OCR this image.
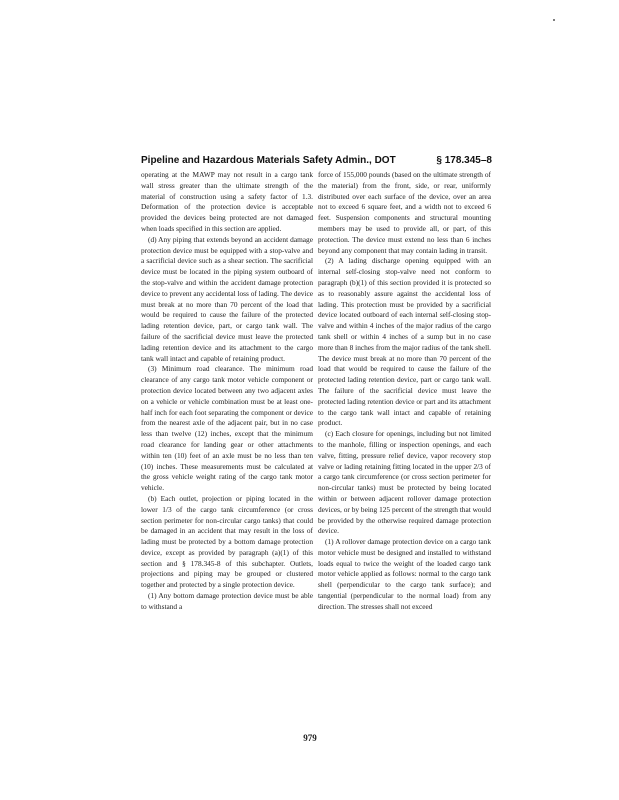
Pipeline and Hazardous Materials Safety Admin., DOT	§ 178.345–8

operating at the MAWP may not result in a cargo tank wall stress greater than the ultimate strength of the material of construction using a safety factor of 1.3. Deformation of the protection device is acceptable provided the devices being protected are not damaged when loads specified in this section are applied.

(d) Any piping that extends beyond an accident damage protection device must be equipped with a stop-valve and a sacrificial device such as a shear section. The sacrificial device must be located in the piping system outboard of the stop-valve and within the accident damage protection device to prevent any accidental loss of lading. The device must break at no more than 70 percent of the load that would be required to cause the failure of the protected lading retention device, part, or cargo tank wall. The failure of the sacrificial device must leave the protected lading retention device and its attachment to the cargo tank wall intact and capable of retaining product.

(3) Minimum road clearance. The minimum road clearance of any cargo tank motor vehicle component or protection device located between any two adjacent axles on a vehicle or vehicle combination must be at least one-half inch for each foot separating the component or device from the nearest axle of the adjacent pair, but in no case less than twelve (12) inches, except that the minimum road clearance for landing gear or other attachments within ten (10) feet of an axle must be no less than ten (10) inches. These measurements must be calculated at the gross vehicle weight rating of the cargo tank motor vehicle.

(b) Each outlet, projection or piping located in the lower 1/3 of the cargo tank circumference (or cross section perimeter for non-circular cargo tanks) that could be damaged in an accident that may result in the loss of lading must be protected by a bottom damage protection device, except as provided by paragraph (a)(1) of this section and § 178.345-8 of this subchapter. Outlets, projections and piping may be grouped or clustered together and protected by a single protection device.

(1) Any bottom damage protection device must be able to withstand a

force of 155,000 pounds (based on the ultimate strength of the material) from the front, side, or rear, uniformly distributed over each surface of the device, over an area not to exceed 6 square feet, and a width not to exceed 6 feet. Suspension components and structural mounting members may be used to provide all, or part, of this protection. The device must extend no less than 6 inches beyond any component that may contain lading in transit.

(2) A lading discharge opening equipped with an internal self-closing stop-valve need not conform to paragraph (b)(1) of this section provided it is protected so as to reasonably assure against the accidental loss of lading. This protection must be provided by a sacrificial device located outboard of each internal self-closing stop-valve and within 4 inches of the major radius of the cargo tank shell or within 4 inches of a sump but in no case more than 8 inches from the major radius of the tank shell. The device must break at no more than 70 percent of the load that would be required to cause the failure of the protected lading retention device, part or cargo tank wall. The failure of the sacrificial device must leave the protected lading retention device or part and its attachment to the cargo tank wall intact and capable of retaining product.

(c) Each closure for openings, including but not limited to the manhole, filling or inspection openings, and each valve, fitting, pressure relief device, vapor recovery stop valve or lading retaining fitting located in the upper 2/3 of a cargo tank circumference (or cross section perimeter for non-circular tanks) must be protected by being located within or between adjacent rollover damage protection devices, or by being 125 percent of the strength that would be provided by the otherwise required damage protection device.

(1) A rollover damage protection device on a cargo tank motor vehicle must be designed and installed to withstand loads equal to twice the weight of the loaded cargo tank motor vehicle applied as follows: normal to the cargo tank shell (perpendicular to the cargo tank surface); and tangential (perpendicular to the normal load) from any direction. The stresses shall not exceed

979
